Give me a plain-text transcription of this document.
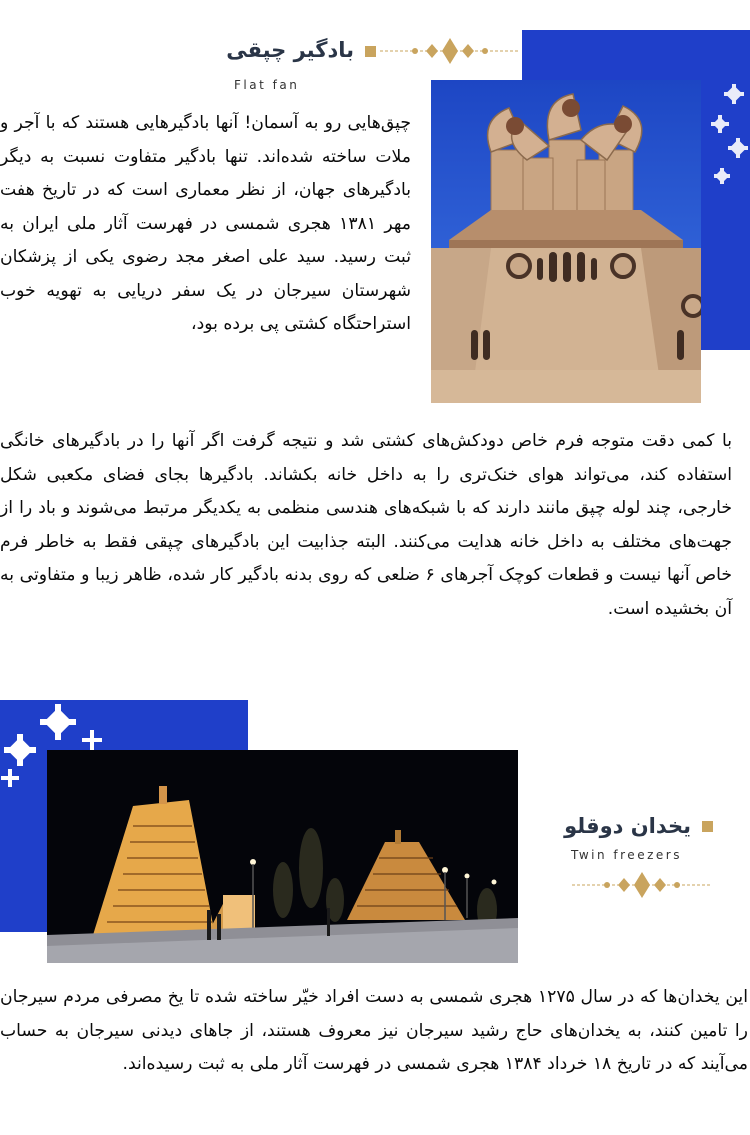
بادگیر چپقی
Flat fan

چپق‌هایی رو به آسمان! آنها بادگیرهایی هستند که با آجر و ملات ساخته شده‌اند. تنها بادگیر متفاوت نسبت به دیگر بادگیرهای جهان، از نظر معماری است که در تاریخ هفت مهر ۱۳۸۱ هجری شمسی در فهرست آثار ملی ایران به ثبت رسید. سید علی اصغر مجد رضوی یکی از پزشکان شهرستان سیرجان در یک سفر دریایی به تهویه خوب استراحتگاه کشتی پی برده بود،

با کمی دقت متوجه فرم خاص دودکش‌های کشتی شد و نتیجه گرفت اگر آنها را در بادگیرهای خانگی استفاده کند، می‌تواند هوای خنک‌تری را به داخل خانه بکشاند. بادگیرها بجای فضای مکعبی شکل خارجی، چند لوله چپق مانند دارند که با شبکه‌های هندسی منظمی به یکدیگر مرتبط می‌شوند و باد را از جهت‌های مختلف به داخل خانه هدایت می‌کنند. البته جذابیت این بادگیرهای چپقی فقط به خاطر فرم خاص آنها نیست و قطعات کوچک آجرهای ۶ ضلعی که روی بدنه بادگیر کار شده، ظاهر زیبا و متفاوتی به آن بخشیده است.

یخدان دوقلو
Twin freezers

این یخدان‌ها که در سال ۱۲۷۵ هجری شمسی به دست افراد خیّر ساخته شده تا یخ مصرفی مردم سیرجان را تامین کنند، به یخدان‌های حاج رشید سیرجان نیز معروف هستند، از جاهای دیدنی سیرجان به حساب می‌آیند که در تاریخ ۱۸ خرداد ۱۳۸۴ هجری شمسی در فهرست آثار ملی به ثبت رسیده‌اند.
